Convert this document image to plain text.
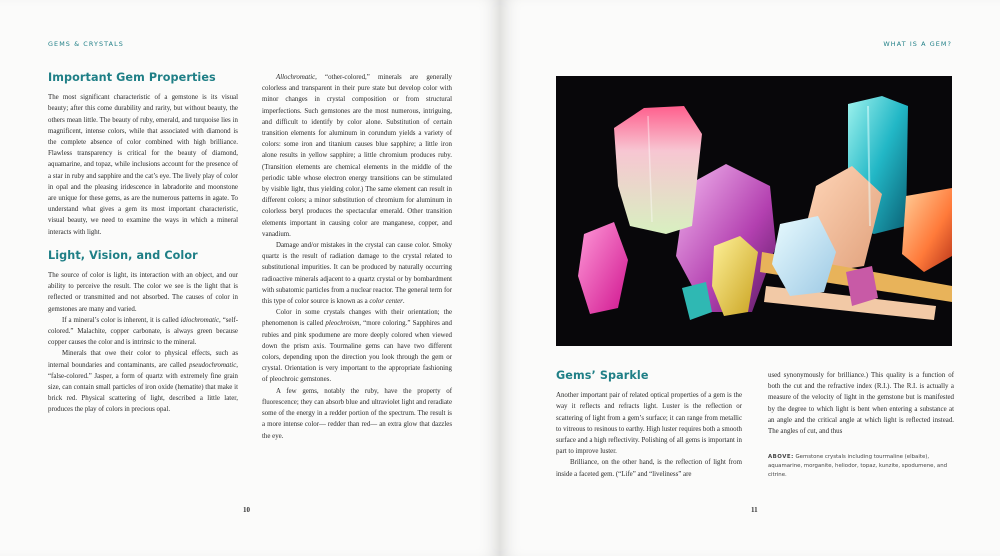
GEMS & CRYSTALS
Important Gem Properties

The most significant characteristic of a gemstone is its visual beauty; after this come durability and rarity, but without beauty, the others mean little. The beauty of ruby, emerald, and turquoise lies in magnificent, intense colors, while that associated with diamond is the complete absence of color combined with high brilliance. Flawless transparency is critical for the beauty of diamond, aquamarine, and topaz, while inclusions account for the presence of a star in ruby and sapphire and the cat’s eye. The lively play of color in opal and the pleasing iridescence in labradorite and moonstone are unique for these gems, as are the numerous patterns in agate. To understand what gives a gem its most important characteristic, visual beauty, we need to examine the ways in which a mineral interacts with light.

Light, Vision, and Color

The source of color is light, its interaction with an object, and our ability to perceive the result. The color we see is the light that is reflected or transmitted and not absorbed. The causes of color in gemstones are many and varied.

If a mineral’s color is inherent, it is called idiochromatic, “self-colored.” Malachite, copper carbonate, is always green because copper causes the color and is intrinsic to the mineral.

Minerals that owe their color to physical effects, such as internal boundaries and contaminants, are called pseudochromatic, “false-colored.” Jasper, a form of quartz with extremely fine grain size, can contain small particles of iron oxide (hematite) that make it brick red. Physical scattering of light, described a little later, produces the play of colors in precious opal.

Allochromatic, “other-colored,” minerals are generally colorless and transparent in their pure state but develop color with minor changes in crystal composition or from structural imperfections. Such gemstones are the most numerous, intriguing, and difficult to identify by color alone. Substitution of certain transition elements for aluminum in corundum yields a variety of colors: some iron and titanium causes blue sapphire; a little iron alone results in yellow sapphire; a little chromium produces ruby. (Transition elements are chemical elements in the middle of the periodic table whose electron energy transitions can be stimulated by visible light, thus yielding color.) The same element can result in different colors; a minor substitution of chromium for aluminum in colorless beryl produces the spectacular emerald. Other transition elements important in causing color are manganese, copper, and vanadium.

Damage and/or mistakes in the crystal can cause color. Smoky quartz is the result of radiation damage to the crystal related to substitutional impurities. It can be produced by naturally occurring radioactive minerals adjacent to a quartz crystal or by bombardment with subatomic particles from a nuclear reactor. The general term for this type of color source is known as a color center.

Color in some crystals changes with their orientation; the phenomenon is called pleochroism, “more coloring.” Sapphires and rubies and pink spodumene are more deeply colored when viewed down the prism axis. Tourmaline gems can have two different colors, depending upon the direction you look through the gem or crystal. Orientation is very important to the appropriate fashioning of pleochroic gemstones.

A few gems, notably the ruby, have the property of fluorescence; they can absorb blue and ultraviolet light and reradiate some of the energy in a redder portion of the spectrum. The result is a more intense color— redder than red— an extra glow that dazzles the eye.

10
WHAT IS A GEM?
Gems’ Sparkle

Another important pair of related optical properties of a gem is the way it reflects and refracts light. Luster is the reflection or scattering of light from a gem’s surface; it can range from metallic to vitreous to resinous to earthy. High luster requires both a smooth surface and a high reflectivity. Polishing of all gems is important in part to improve luster.

Brilliance, on the other hand, is the reflection of light from inside a faceted gem. (“Life” and “liveliness” are

used synonymously for brilliance.) This quality is a function of both the cut and the refractive index (R.I.). The R.I. is actually a measure of the velocity of light in the gemstone but is manifested by the degree to which light is bent when entering a substance at an angle and the critical angle at which light is reflected instead. The angles of cut, and thus

ABOVE: Gemstone crystals including tourmaline (elbaite), aquamarine, morganite, heliodor, topaz, kunzite, spodumene, and citrine.
11
